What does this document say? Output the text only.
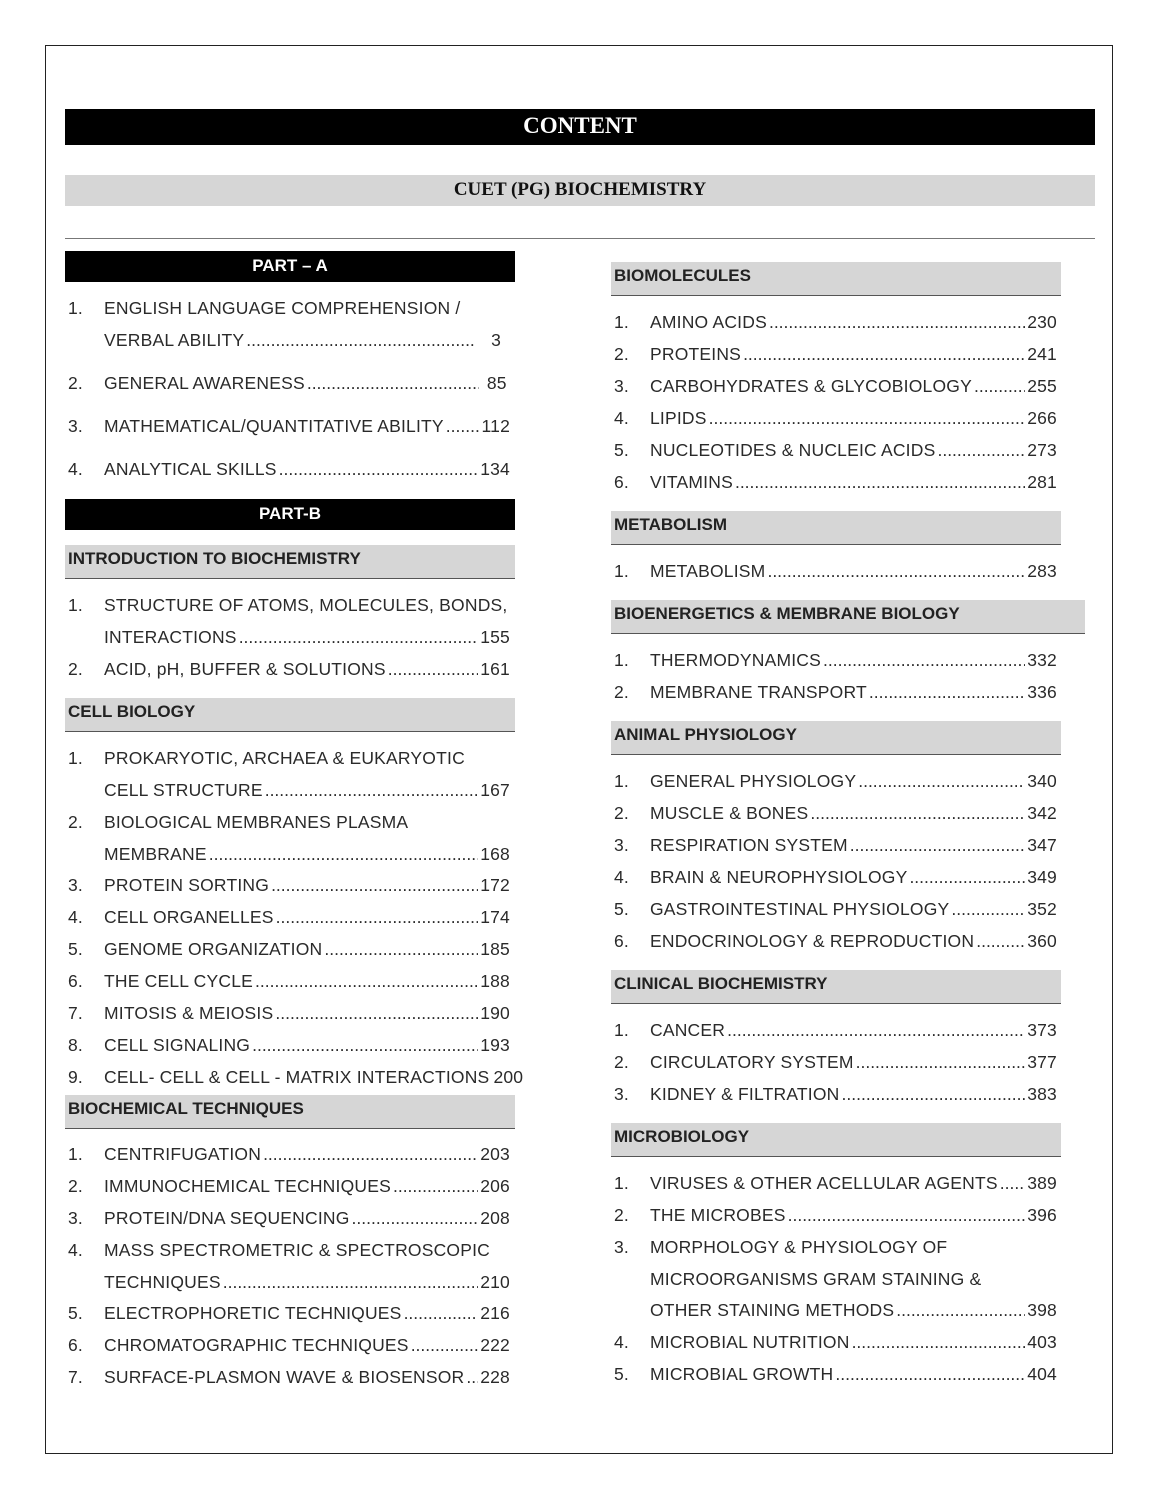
CONTENT
CUET (PG) BIOCHEMISTRY
PART – A
1.	ENGLISH LANGUAGE COMPREHENSION /
VERBAL ABILITY .....	3
2.	GENERAL AWARENESS .....	85
3.	MATHEMATICAL/QUANTITATIVE ABILITY ..... 112
4.	ANALYTICAL SKILLS .....	134
PART-B
INTRODUCTION TO BIOCHEMISTRY
1.	STRUCTURE OF ATOMS, MOLECULES, BONDS,
INTERACTIONS .....	155
2.	ACID, pH, BUFFER & SOLUTIONS .....	161
CELL BIOLOGY
1.	PROKARYOTIC, ARCHAEA & EUKARYOTIC
CELL STRUCTURE .....	167
2.	BIOLOGICAL MEMBRANES PLASMA
MEMBRANE .....	168
3.	PROTEIN SORTING .....	172
4.	CELL ORGANELLES .....	174
5.	GENOME ORGANIZATION .....	185
6.	THE CELL CYCLE .....	188
7.	MITOSIS & MEIOSIS .....	190
8.	CELL SIGNALING .....	193
9.	CELL- CELL & CELL - MATRIX INTERACTIONS 200
BIOCHEMICAL TECHNIQUES
1.	CENTRIFUGATION .....	203
2.	IMMUNOCHEMICAL TECHNIQUES .....	206
3.	PROTEIN/DNA SEQUENCING .....	208
4.	MASS SPECTROMETRIC & SPECTROSCOPIC
TECHNIQUES .....	210
5.	ELECTROPHORETIC TECHNIQUES .....	216
6.	CHROMATOGRAPHIC TECHNIQUES .....	222
7.	SURFACE-PLASMON WAVE & BIOSENSOR ..... 228
BIOMOLECULES
1.	AMINO ACIDS .....	230
2.	PROTEINS .....	241
3.	CARBOHYDRATES & GLYCOBIOLOGY .....	255
4.	LIPIDS .....	266
5.	NUCLEOTIDES & NUCLEIC ACIDS .....	273
6.	VITAMINS .....	281
METABOLISM
1.	METABOLISM .....	283
BIOENERGETICS & MEMBRANE BIOLOGY
1.	THERMODYNAMICS .....	332
2.	MEMBRANE TRANSPORT .....	336
ANIMAL PHYSIOLOGY
1.	GENERAL PHYSIOLOGY .....	340
2.	MUSCLE & BONES .....	342
3.	RESPIRATION SYSTEM .....	347
4.	BRAIN & NEUROPHYSIOLOGY .....	349
5.	GASTROINTESTINAL PHYSIOLOGY .....	352
6.	ENDOCRINOLOGY & REPRODUCTION .....	360
CLINICAL BIOCHEMISTRY
1.	CANCER .....	373
2.	CIRCULATORY SYSTEM .....	377
3.	KIDNEY & FILTRATION .....	383
MICROBIOLOGY
1.	VIRUSES & OTHER ACELLULAR AGENTS ..... 389
2.	THE MICROBES .....	396
3.	MORPHOLOGY & PHYSIOLOGY OF
MICROORGANISMS GRAM STAINING &
OTHER STAINING METHODS .....	398
4.	MICROBIAL NUTRITION .....	403
5.	MICROBIAL GROWTH .....	404
